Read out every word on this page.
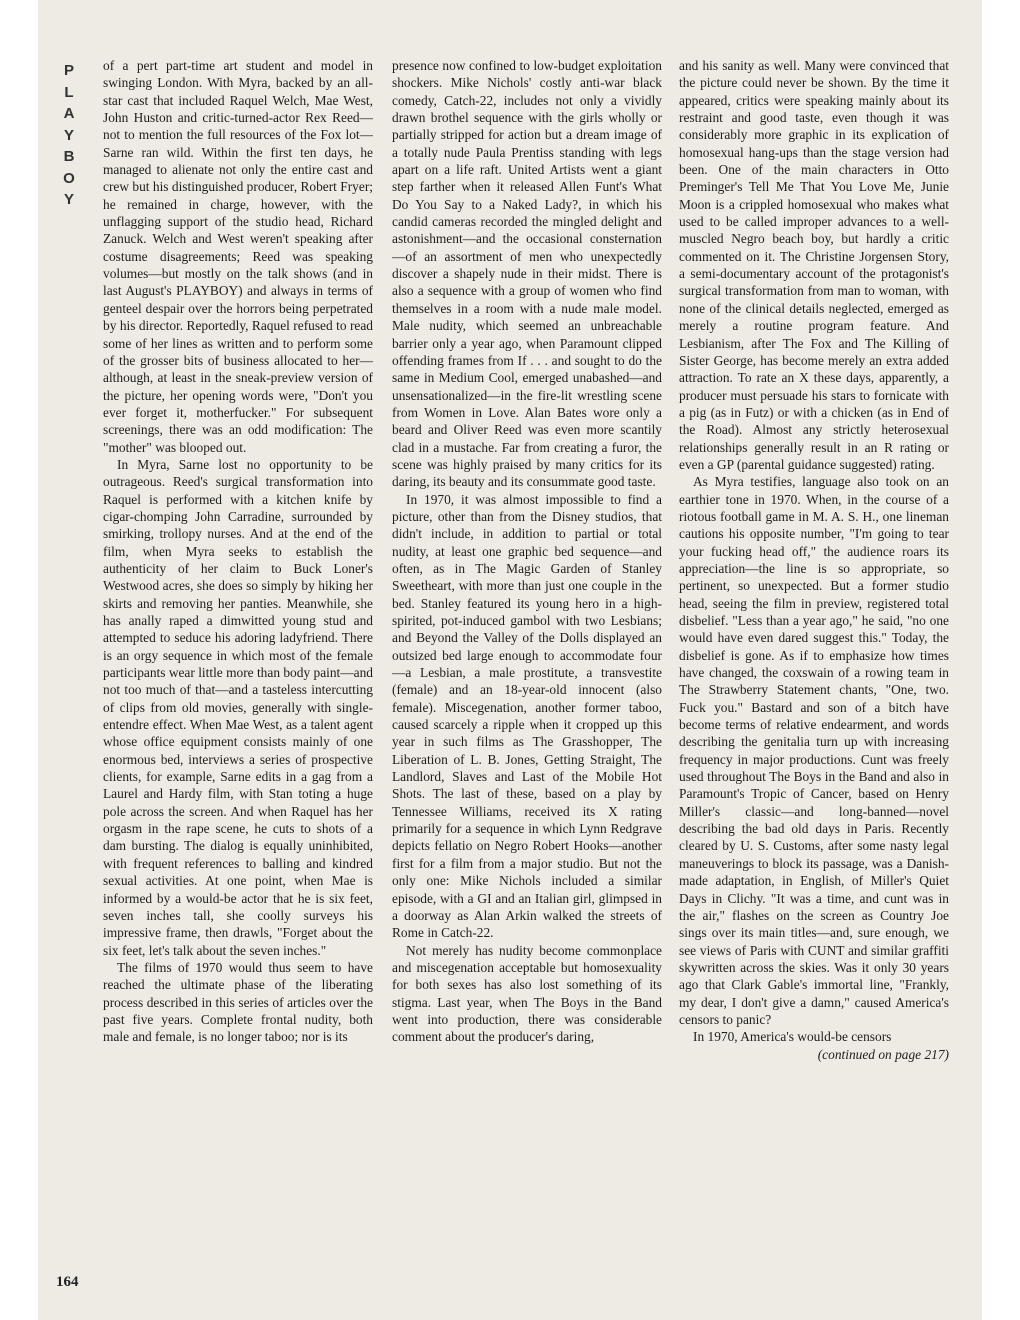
P
L
A
Y
B
O
Y

of a pert part-time art student and model in swinging London. With Myra, backed by an all-star cast that included Raquel Welch, Mae West, John Huston and critic-turned-actor Rex Reed—not to mention the full resources of the Fox lot—Sarne ran wild. Within the first ten days, he managed to alienate not only the entire cast and crew but his distinguished producer, Robert Fryer; he remained in charge, however, with the unflagging support of the studio head, Richard Zanuck. Welch and West weren't speaking after costume disagreements; Reed was speaking volumes—but mostly on the talk shows (and in last August's PLAYBOY) and always in terms of genteel despair over the horrors being perpetrated by his director. Reportedly, Raquel refused to read some of her lines as written and to perform some of the grosser bits of business allocated to her—although, at least in the sneak-preview version of the picture, her opening words were, "Don't you ever forget it, motherfucker." For subsequent screenings, there was an odd modification: The "mother" was blooped out.

In Myra, Sarne lost no opportunity to be outrageous. Reed's surgical transformation into Raquel is performed with a kitchen knife by cigar-chomping John Carradine, surrounded by smirking, trollopy nurses. And at the end of the film, when Myra seeks to establish the authenticity of her claim to Buck Loner's Westwood acres, she does so simply by hiking her skirts and removing her panties. Meanwhile, she has anally raped a dimwitted young stud and attempted to seduce his adoring ladyfriend. There is an orgy sequence in which most of the female participants wear little more than body paint—and not too much of that—and a tasteless intercutting of clips from old movies, generally with single-entendre effect. When Mae West, as a talent agent whose office equipment consists mainly of one enormous bed, interviews a series of prospective clients, for example, Sarne edits in a gag from a Laurel and Hardy film, with Stan toting a huge pole across the screen. And when Raquel has her orgasm in the rape scene, he cuts to shots of a dam bursting. The dialog is equally uninhibited, with frequent references to balling and kindred sexual activities. At one point, when Mae is informed by a would-be actor that he is six feet, seven inches tall, she coolly surveys his impressive frame, then drawls, "Forget about the six feet, let's talk about the seven inches."

The films of 1970 would thus seem to have reached the ultimate phase of the liberating process described in this series of articles over the past five years. Complete frontal nudity, both male and female, is no longer taboo; nor is its

presence now confined to low-budget exploitation shockers. Mike Nichols' costly anti-war black comedy, Catch-22, includes not only a vividly drawn brothel sequence with the girls wholly or partially stripped for action but a dream image of a totally nude Paula Prentiss standing with legs apart on a life raft. United Artists went a giant step farther when it released Allen Funt's What Do You Say to a Naked Lady?, in which his candid cameras recorded the mingled delight and astonishment—and the occasional consternation—of an assortment of men who unexpectedly discover a shapely nude in their midst. There is also a sequence with a group of women who find themselves in a room with a nude male model. Male nudity, which seemed an unbreachable barrier only a year ago, when Paramount clipped offending frames from If . . . and sought to do the same in Medium Cool, emerged unabashed—and unsensationalized—in the fire-lit wrestling scene from Women in Love. Alan Bates wore only a beard and Oliver Reed was even more scantily clad in a mustache. Far from creating a furor, the scene was highly praised by many critics for its daring, its beauty and its consummate good taste.

In 1970, it was almost impossible to find a picture, other than from the Disney studios, that didn't include, in addition to partial or total nudity, at least one graphic bed sequence—and often, as in The Magic Garden of Stanley Sweetheart, with more than just one couple in the bed. Stanley featured its young hero in a high-spirited, pot-induced gambol with two Lesbians; and Beyond the Valley of the Dolls displayed an outsized bed large enough to accommodate four—a Lesbian, a male prostitute, a transvestite (female) and an 18-year-old innocent (also female). Miscegenation, another former taboo, caused scarcely a ripple when it cropped up this year in such films as The Grasshopper, The Liberation of L. B. Jones, Getting Straight, The Landlord, Slaves and Last of the Mobile Hot Shots. The last of these, based on a play by Tennessee Williams, received its X rating primarily for a sequence in which Lynn Redgrave depicts fellatio on Negro Robert Hooks—another first for a film from a major studio. But not the only one: Mike Nichols included a similar episode, with a GI and an Italian girl, glimpsed in a doorway as Alan Arkin walked the streets of Rome in Catch-22.

Not merely has nudity become commonplace and miscegenation acceptable but homosexuality for both sexes has also lost something of its stigma. Last year, when The Boys in the Band went into production, there was considerable comment about the producer's daring,

and his sanity as well. Many were convinced that the picture could never be shown. By the time it appeared, critics were speaking mainly about its restraint and good taste, even though it was considerably more graphic in its explication of homosexual hang-ups than the stage version had been. One of the main characters in Otto Preminger's Tell Me That You Love Me, Junie Moon is a crippled homosexual who makes what used to be called improper advances to a well-muscled Negro beach boy, but hardly a critic commented on it. The Christine Jorgensen Story, a semi-documentary account of the protagonist's surgical transformation from man to woman, with none of the clinical details neglected, emerged as merely a routine program feature. And Lesbianism, after The Fox and The Killing of Sister George, has become merely an extra added attraction. To rate an X these days, apparently, a producer must persuade his stars to fornicate with a pig (as in Futz) or with a chicken (as in End of the Road). Almost any strictly heterosexual relationships generally result in an R rating or even a GP (parental guidance suggested) rating.

As Myra testifies, language also took on an earthier tone in 1970. When, in the course of a riotous football game in M. A. S. H., one lineman cautions his opposite number, "I'm going to tear your fucking head off," the audience roars its appreciation—the line is so appropriate, so pertinent, so unexpected. But a former studio head, seeing the film in preview, registered total disbelief. "Less than a year ago," he said, "no one would have even dared suggest this." Today, the disbelief is gone. As if to emphasize how times have changed, the coxswain of a rowing team in The Strawberry Statement chants, "One, two. Fuck you." Bastard and son of a bitch have become terms of relative endearment, and words describing the genitalia turn up with increasing frequency in major productions. Cunt was freely used throughout The Boys in the Band and also in Paramount's Tropic of Cancer, based on Henry Miller's classic—and long-banned—novel describing the bad old days in Paris. Recently cleared by U. S. Customs, after some nasty legal maneuverings to block its passage, was a Danish-made adaptation, in English, of Miller's Quiet Days in Clichy. "It was a time, and cunt was in the air," flashes on the screen as Country Joe sings over its main titles—and, sure enough, we see views of Paris with CUNT and similar graffiti skywritten across the skies. Was it only 30 years ago that Clark Gable's immortal line, "Frankly, my dear, I don't give a damn," caused America's censors to panic?

In 1970, America's would-be censors

(continued on page 217)

164
